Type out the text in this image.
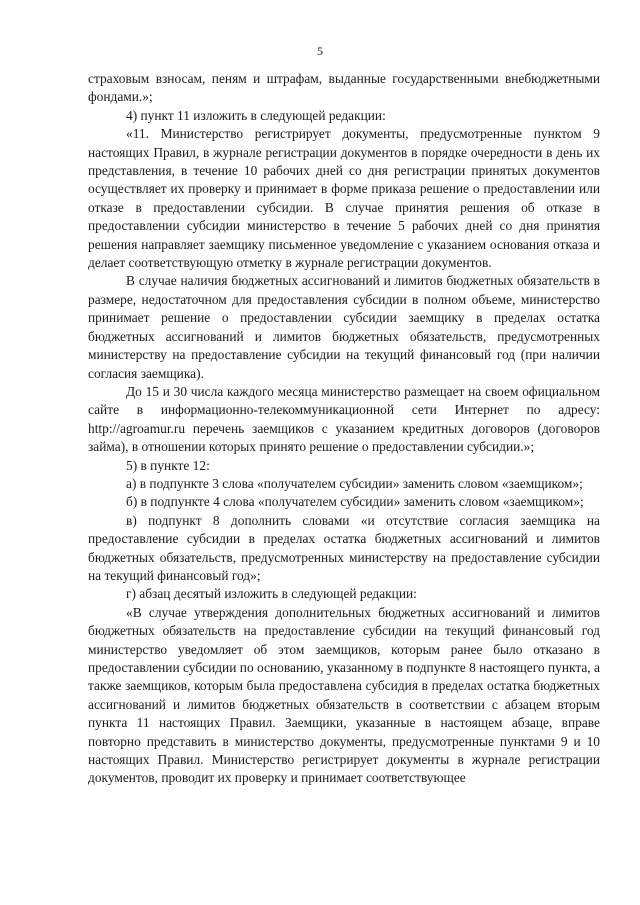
5

страховым взносам, пеням и штрафам, выданные государственными внебюджетными фондами.»;

4) пункт 11 изложить в следующей редакции:

«11. Министерство регистрирует документы, предусмотренные пунктом 9 настоящих Правил, в журнале регистрации документов в порядке очередности в день их представления, в течение 10 рабочих дней со дня регистрации принятых документов осуществляет их проверку и принимает в форме приказа решение о предоставлении или отказе в предоставлении субсидии. В случае принятия решения об отказе в предоставлении субсидии министерство в течение 5 рабочих дней со дня принятия решения направляет заемщику письменное уведомление с указанием основания отказа и делает соответствующую отметку в журнале регистрации документов.

В случае наличия бюджетных ассигнований и лимитов бюджетных обязательств в размере, недостаточном для предоставления субсидии в полном объеме, министерство принимает решение о предоставлении субсидии заемщику в пределах остатка бюджетных ассигнований и лимитов бюджетных обязательств, предусмотренных министерству на предоставление субсидии на текущий финансовый год (при наличии согласия заемщика).

До 15 и 30 числа каждого месяца министерство размещает на своем официальном сайте в информационно-телекоммуникационной сети Интернет по адресу: http://agroamur.ru перечень заемщиков с указанием кредитных договоров (договоров займа), в отношении которых принято решение о предоставлении субсидии.»;

5) в пункте 12:

а) в подпункте 3 слова «получателем субсидии» заменить словом «заемщиком»;

б) в подпункте 4 слова «получателем субсидии» заменить словом «заемщиком»;

в) подпункт 8 дополнить словами «и отсутствие согласия заемщика на предоставление субсидии в пределах остатка бюджетных ассигнований и лимитов бюджетных обязательств, предусмотренных министерству на предоставление субсидии на текущий финансовый год»;

г) абзац десятый изложить в следующей редакции:

«В случае утверждения дополнительных бюджетных ассигнований и лимитов бюджетных обязательств на предоставление субсидии на текущий финансовый год министерство уведомляет об этом заемщиков, которым ранее было отказано в предоставлении субсидии по основанию, указанному в подпункте 8 настоящего пункта, а также заемщиков, которым была предоставлена субсидия в пределах остатка бюджетных ассигнований и лимитов бюджетных обязательств в соответствии с абзацем вторым пункта 11 настоящих Правил. Заемщики, указанные в настоящем абзаце, вправе повторно представить в министерство документы, предусмотренные пунктами 9 и 10 настоящих Правил. Министерство регистрирует документы в журнале регистрации документов, проводит их проверку и принимает соответствующее
